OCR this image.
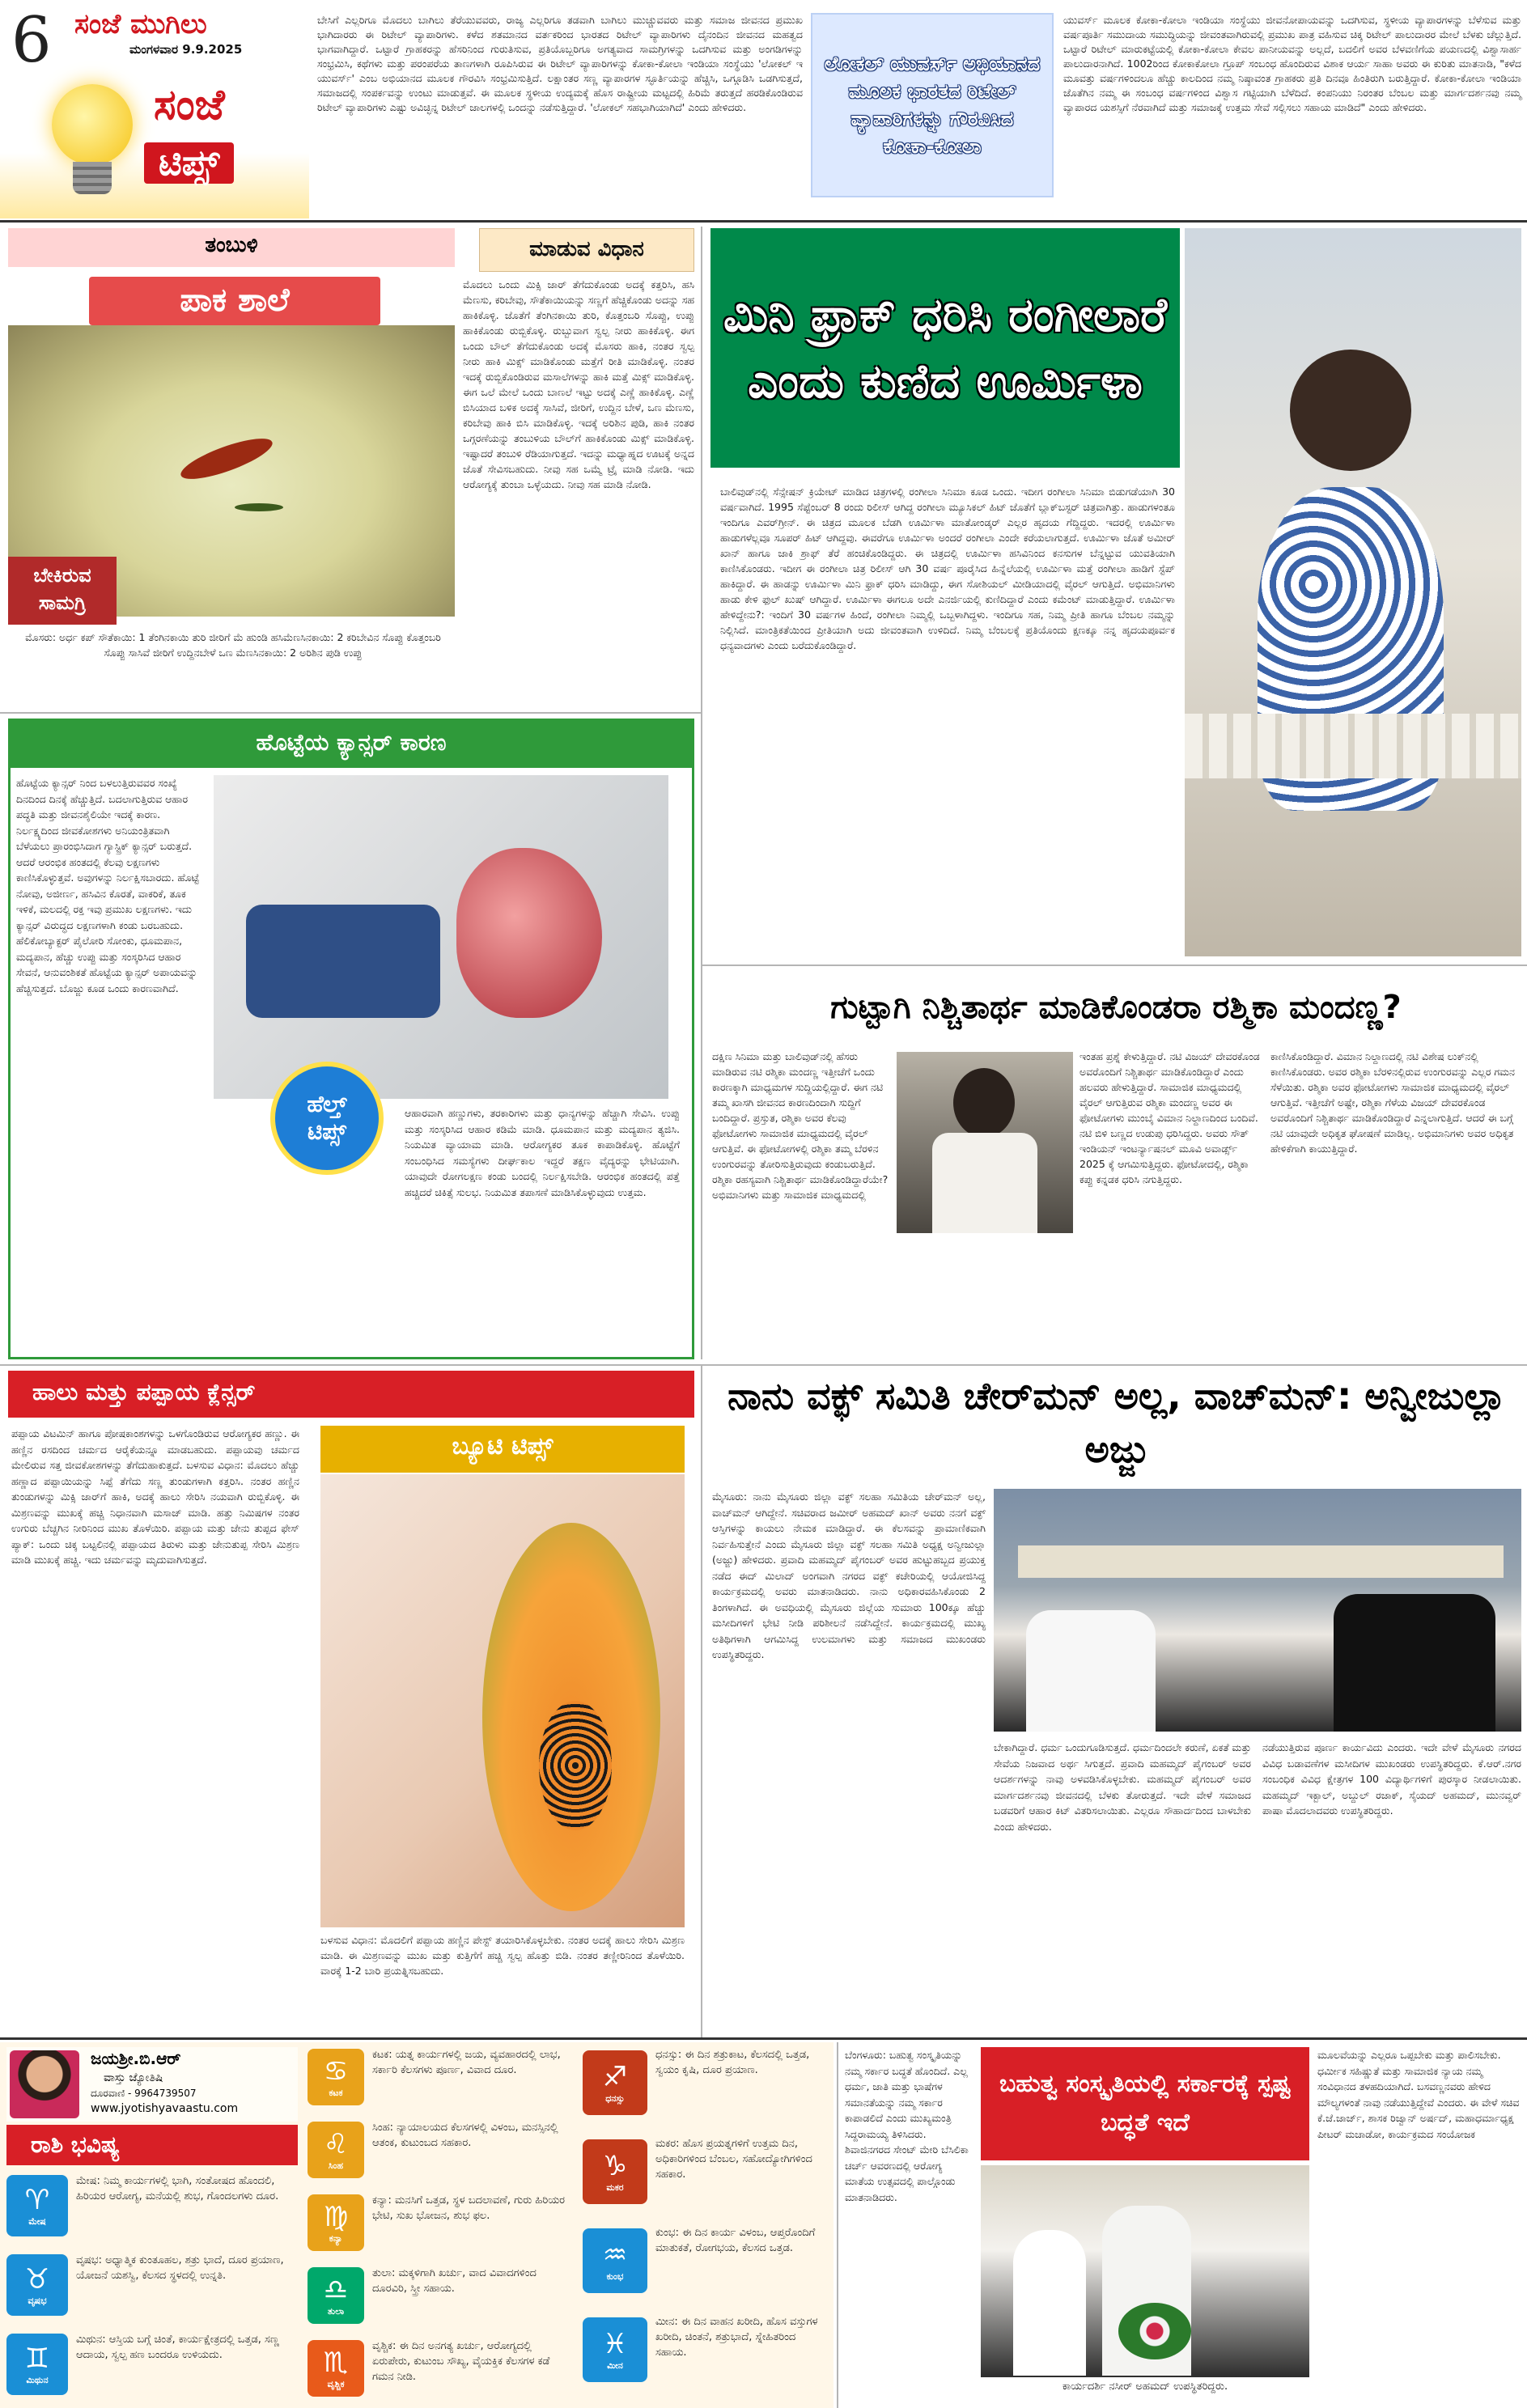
6 ಸಂಜೆ ಮುಗಿಲು
ಮಂಗಳವಾರ 9.9.2025
ಸಂಜೆ
ಟಿಪ್ಸ್
ಬೇಸಿಗೆ ಎಲ್ಲರಿಗೂ ಮೊದಲು ಬಾಗಿಲು ತೆರೆಯುವವರು, ರಾಜ್ಯ ಎಲ್ಲರಿಗೂ ತಡವಾಗಿ ಬಾಗಿಲು ಮುಚ್ಚುವವರು ಮತ್ತು ಸಮಾಜ ಜೀವನದ ಪ್ರಮುಖ ಭಾಗಿದಾರರು ಈ ರಿಟೇಲ್ ವ್ಯಾಪಾರಿಗಳು. ಕಳೆದ ಶತಮಾನದ ವರ್ತಕರಿಂದ ಭಾರತದ ರಿಟೇಲ್ ವ್ಯಾಪಾರಿಗಳು ದೈನಂದಿನ ಜೀವನದ ಮಹತ್ವದ ಭಾಗವಾಗಿದ್ದಾರೆ. ಒಟ್ಟಾರೆ ಗ್ರಾಹಕರನ್ನು ಹೆಸರಿನಿಂದ ಗುರುತಿಸುವ, ಪ್ರತಿಯೊಬ್ಬರಿಗೂ ಅಗತ್ಯವಾದ ಸಾಮಗ್ರಿಗಳನ್ನು ಒದಗಿಸುವ ಮತ್ತು ಅಂಗಡಿಗಳನ್ನು ಸಂಭ್ರಮಿಸಿ, ಕಥೆಗಳು ಮತ್ತು ಪರಂಪರೆಯ ತಾಣಗಳಾಗಿ ರೂಪಿಸಿರುವ ಈ ರಿಟೇಲ್ ವ್ಯಾಪಾರಿಗಳನ್ನು ಕೋಕಾ-ಕೋಲಾ ಇಂಡಿಯಾ ಸಂಸ್ಥೆಯು 'ಲೋಕಲ್ ಇ ಯುವರ್ಸ್' ಎಂಬ ಅಭಿಯಾನದ ಮೂಲಕ ಗೌರವಿಸಿ ಸಂಭ್ರಮಿಸುತ್ತಿದೆ. ಲಕ್ಷಾಂತರ ಸಣ್ಣ ವ್ಯಾಪಾರಗಳ ಸ್ಫೂರ್ತಿಯನ್ನು ಹೆಚ್ಚಿಸಿ, ಒಗ್ಗೂಡಿಸಿ ಒಡಗಿಸುತ್ತದೆ, ಸಮಾಜದಲ್ಲಿ ಸಂಪರ್ಕವನ್ನು ಉಂಟು ಮಾಡುತ್ತವೆ. ಈ ಮೂಲಕ ಸ್ಥಳೀಯ ಉದ್ಯಮಕ್ಕೆ ಹೊಸ ರಾಷ್ಟ್ರೀಯ ಮಟ್ಟದಲ್ಲಿ ಹಿರಿಮೆ ತರುತ್ತದೆ ಹರಡಿಕೊಂಡಿರುವ ರಿಟೇಲ್ ವ್ಯಾಪಾರಿಗಳು ಎಷ್ಟು ಅವಿಚ್ಛಿನ್ನ ರಿಟೇಲ್ ಜಾಲಗಳಲ್ಲಿ ಒಂದನ್ನು ನಡೆಸುತ್ತಿದ್ದಾರೆ. 'ಲೋಕಲ್ ಸಹಭಾಗಿಯಾಗಿದೆ' ಎಂದು ಹೇಳಿದರು.
ಲೋಕಲ್ ಯುವರ್ಸ್ ಅಭಿಯಾನದ ಮೂಲಕ ಭಾರತದ ರಿಟೇಲ್ ವ್ಯಾಪಾರಿಗಳನ್ನು ಗೌರವಿಸಿದ ಕೋಕಾ-ಕೋಲಾ
ಯುವರ್ಸ್ ಮೂಲಕ ಕೋಕಾ-ಕೋಲಾ ಇಂಡಿಯಾ ಸಂಸ್ಥೆಯು ಜೀವನೋಪಾಯವನ್ನು ಒದಗಿಸುವ, ಸ್ಥಳೀಯ ವ್ಯಾಪಾರಗಳನ್ನು ಬೆಳೆಸುವ ಮತ್ತು ವರ್ಷಪೂರ್ತಿ ಸಮುದಾಯ ಸಮುದ್ಧಿಯನ್ನು ಜೀವಂತವಾಗಿರುವಲ್ಲಿ ಪ್ರಮುಖ ಪಾತ್ರ ವಹಿಸುವ ಚಿಕ್ಕ ರಿಟೇಲ್ ಪಾಲುದಾರರ ಮೇಲೆ ಬೆಳಕು ಚೆಲ್ಲುತ್ತಿದೆ. ಒಟ್ಟಾರೆ ರಿಟೇಲ್ ಮಾರುಕಟ್ಟೆಯಲ್ಲಿ ಕೋಕಾ-ಕೋಲಾ ಕೇವಲ ಪಾನೀಯವನ್ನು ಅಲ್ಲದೆ, ಬದಲಿಗೆ ಅವರ ಬೆಳವಣಿಗೆಯ ಪಯಣದಲ್ಲಿ ವಿಶ್ವಾಸಾರ್ಹ ಪಾಲುದಾರನಾಗಿದೆ. 1002ರಿಂದ ಕೋಕಾಕೋಲಾ ಗ್ರೂಪ್ ಸಂಬಂಧ ಹೊಂದಿರುವ ವಿಶಾಕ ಆರ್ಯ ಸಾಹಾ ಅವರು ಈ ಕುರಿತು ಮಾತನಾಡಿ, "ಕಳೆದ ಮೂವತ್ತು ವರ್ಷಗಳಿಂದಲೂ ಹೆಚ್ಚು ಕಾಲದಿಂದ ನಮ್ಮ ನಿಷ್ಠಾವಂತ ಗ್ರಾಹಕರು ಪ್ರತಿ ದಿನವೂ ಹಿಂತಿರುಗಿ ಬರುತ್ತಿದ್ದಾರೆ. ಕೋಕಾ-ಕೋಲಾ ಇಂಡಿಯಾ ಜೊತೆಗಿನ ನಮ್ಮ ಈ ಸಂಬಂಧ ವರ್ಷಗಳಿಂದ ವಿಶ್ವಾಸ ಗಟ್ಟಿಯಾಗಿ ಬೆಳೆದಿದೆ. ಕಂಪನಿಯು ನಿರಂತರ ಬೆಂಬಲ ಮತ್ತು ಮಾರ್ಗದರ್ಶನವು ನಮ್ಮ ವ್ಯಾಪಾರದ ಯಶಸ್ಸಿಗೆ ನೆರವಾಗಿದೆ ಮತ್ತು ಸಮಾಜಕ್ಕೆ ಉತ್ತಮ ಸೇವೆ ಸಲ್ಲಿಸಲು ಸಹಾಯ ಮಾಡಿದೆ" ಎಂದು ಹೇಳಿದರು.
ತಂಬುಳಿ	ಮಾಡುವ ವಿಧಾನ
ಪಾಕ ಶಾಲೆ
ಬೇಕಿರುವ ಸಾಮಗ್ರಿ
ಮೊಸರು: ಅರ್ಧ ಕಪ್ ಸೌತೆಕಾಯಿ: 1 ತೆಂಗಿನಕಾಯಿ ತುರಿ ಜೀರಿಗೆ ಮೆ ಹುಂಡಿ ಹಸಿಮೆಣಸಿನಕಾಯಿ: 2 ಕರಿಬೇವಿನ ಸೊಪ್ಪು ಕೊತ್ತಂಬರಿ ಸೊಪ್ಪು ಸಾಸಿವೆ ಜೀರಿಗೆ ಉದ್ದಿನಬೇಳೆ ಒಣ ಮೆಣಸಿನಕಾಯಿ: 2 ಅರಿಶಿನ ಪುಡಿ ಉಪ್ಪು
ಮೊದಲು ಒಂದು ಮಿಕ್ಸಿ ಜಾರ್ ತೆಗೆದುಕೊಂಡು ಅದಕ್ಕೆ ಕತ್ತರಿಸಿ, ಹಸಿ ಮೆಣಸು, ಕರಿಬೇವು, ಸೌತೆಕಾಯಿಯನ್ನು ಸಣ್ಣಗೆ ಹೆಚ್ಚಿಕೊಂಡು ಅದನ್ನು ಸಹ ಹಾಕಿಕೊಳ್ಳಿ. ಜೊತೆಗೆ ತೆಂಗಿನಕಾಯಿ ತುರಿ, ಕೊತ್ತಂಬರಿ ಸೊಪ್ಪು, ಉಪ್ಪು ಹಾಕಿಕೊಂಡು ರುಬ್ಬಿಕೊಳ್ಳಿ. ರುಬ್ಬುವಾಗ ಸ್ವಲ್ಪ ನೀರು ಹಾಕಿಕೊಳ್ಳಿ. ಈಗ ಒಂದು ಬೌಲ್ ತೆಗೆದುಕೊಂಡು ಅದಕ್ಕೆ ಮೊಸರು ಹಾಕಿ, ನಂತರ ಸ್ವಲ್ಪ ನೀರು ಹಾಕಿ ಮಿಕ್ಸ್ ಮಾಡಿಕೊಂಡು ಮತ್ತೆಗೆ ರೀತಿ ಮಾಡಿಕೊಳ್ಳಿ. ನಂತರ ಇದಕ್ಕೆ ರುಬ್ಬಿಕೊಂಡಿರುವ ಮಸಾಲೆಗಳನ್ನು ಹಾಕಿ ಮತ್ತೆ ಮಿಕ್ಸ್ ಮಾಡಿಕೊಳ್ಳಿ. ಈಗ ಒಲೆ ಮೇಲೆ ಒಂದು ಬಾಣಲೆ ಇಟ್ಟು ಅದಕ್ಕೆ ಎಣ್ಣೆ ಹಾಕಿಕೊಳ್ಳಿ. ಎಣ್ಣೆ ಬಿಸಿಯಾದ ಬಳಿಕ ಅದಕ್ಕೆ ಸಾಸಿವೆ, ಜೀರಿಗೆ, ಉದ್ದಿನ ಬೇಳೆ, ಒಣ ಮೆಣಸು, ಕರಿಬೇವು ಹಾಕಿ ಬಿಸಿ ಮಾಡಿಕೊಳ್ಳಿ. ಇದಕ್ಕೆ ಅರಿಶಿನ ಪುಡಿ, ಹಾಕಿ ನಂತರ ಒಗ್ಗರಣೆಯನ್ನು ತಂಬುಳಿಯ ಬೌಲ್‌ಗೆ ಹಾಕಿಕೊಂಡು ಮಿಕ್ಸ್ ಮಾಡಿಕೊಳ್ಳಿ. ಇಷ್ಟಾದರೆ ತಂಬುಳಿ ರೆಡಿಯಾಗುತ್ತದೆ. ಇದನ್ನು ಮಧ್ಯಾಹ್ನದ ಊಟಕ್ಕೆ ಅನ್ನದ ಜೊತೆ ಸೇವಿಸಬಹುದು. ನೀವು ಸಹ ಒಮ್ಮೆ ಟ್ರೈ ಮಾಡಿ ನೋಡಿ. ಇದು ಆರೋಗ್ಯಕ್ಕೆ ತುಂಬಾ ಒಳ್ಳೆಯದು. ನೀವು ಸಹ ಮಾಡಿ ನೋಡಿ.
ಮಿನಿ ಫ್ರಾಕ್ ಧರಿಸಿ ರಂಗೀಲಾರೆ ಎಂದು ಕುಣಿದ ಊರ್ಮಿಳಾ
ಬಾಲಿವುಡ್‌ನಲ್ಲಿ ಸೆನ್ಸೇಷನ್ ಕ್ರಿಯೇಟ್ ಮಾಡಿದ ಚಿತ್ರಗಳಲ್ಲಿ ರಂಗೀಲಾ ಸಿನಿಮಾ ಕೂಡ ಒಂದು. ಇದೀಗ ರಂಗೀಲಾ ಸಿನಿಮಾ ಬಿಡುಗಡೆಯಾಗಿ 30 ವರ್ಷವಾಗಿದೆ. 1995 ಸೆಪ್ಟೆಂಬರ್ 8 ರಂದು ರಿಲೀಸ್ ಆಗಿದ್ದ ರಂಗೀಲಾ ಮ್ಯೂಸಿಕಲ್ ಹಿಟ್ ಜೊತೆಗೆ ಬ್ಲಾಕ್‌ಬಸ್ಟರ್ ಚಿತ್ರವಾಗಿತ್ತು. ಹಾಡುಗಳಂತೂ ಇಂದಿಗೂ ಎವರ್‌ಗ್ರೀನ್. ಈ ಚಿತ್ರದ ಮೂಲಕ ಬೆಡಗಿ ಊರ್ಮಿಳಾ ಮಾತೋಂಡ್ಕರ್ ಎಲ್ಲರ ಹೃದಯ ಗೆದ್ದಿದ್ದರು. ಇದರಲ್ಲಿ ಊರ್ಮಿಳಾ ಹಾಡುಗಳೆಲ್ಲವೂ ಸೂಪರ್ ಹಿಟ್ ಆಗಿದ್ದವು. ಈವರೆಗೂ ಊರ್ಮಿಳಾ ಅಂದರೆ ರಂಗೀಲಾ ಎಂದೇ ಕರೆಯಲಾಗುತ್ತದೆ. ಊರ್ಮಿಳಾ ಜೊತೆ ಅಮೀರ್ ಖಾನ್ ಹಾಗೂ ಜಾಕಿ ಶ್ರಾಫ್ ತೆರೆ ಹಂಚಿಕೊಂಡಿದ್ದರು. ಈ ಚಿತ್ರದಲ್ಲಿ ಊರ್ಮಿಳಾ ಹಸಿವಿನಿಂದ ಕನಸುಗಳ ಬೆನ್ನಟ್ಟುವ ಯುವತಿಯಾಗಿ ಕಾಣಿಸಿಕೊಂಡರು. ಇದೀಗ ಈ ರಂಗೀಲಾ ಚಿತ್ರ ರಿಲೀಸ್ ಆಗಿ 30 ವರ್ಷ ಪೂರೈಸಿದ ಹಿನ್ನೆಲೆಯಲ್ಲಿ ಊರ್ಮಿಳಾ ಮತ್ತೆ ರಂಗೀಲಾ ಹಾಡಿಗೆ ಸ್ಟೆಪ್ ಹಾಕಿದ್ದಾರೆ. ಈ ಹಾಡನ್ನು ಊರ್ಮಿಳಾ ಮಿನಿ ಫ್ರಾಕ್ ಧರಿಸಿ ಮಾಡಿದ್ದು, ಈಗ ಸೋಶಿಯಲ್ ಮೀಡಿಯಾದಲ್ಲಿ ವೈರಲ್ ಆಗುತ್ತಿದೆ. ಅಭಿಮಾನಿಗಳು ಹಾಡು ಕೇಳಿ ಫುಲ್ ಖುಷ್ ಆಗಿದ್ದಾರೆ. ಊರ್ಮಿಳಾ ಈಗಲೂ ಅದೇ ಎನರ್ಜಿಯಲ್ಲಿ ಕುಣಿದಿದ್ದಾರೆ ಎಂದು ಕಮೆಂಟ್ ಮಾಡುತ್ತಿದ್ದಾರೆ. ಊರ್ಮಿಳಾ ಹೇಳಿದ್ದೇನು?: ಇಂದಿಗೆ 30 ವರ್ಷಗಳ ಹಿಂದೆ, ರಂಗೀಲಾ ನಿಮ್ಮಲ್ಲಿ ಒಬ್ಬಳಾಗಿದ್ದಳು. ಇಂದಿಗೂ ಸಹ, ನಿಮ್ಮ ಪ್ರೀತಿ ಹಾಗೂ ಬೆಂಬಲ ನಮ್ಮನ್ನು ನಿಲ್ಲಿಸಿದೆ. ಮಾಂತ್ರಿಕತೆಯಿಂದ ಪ್ರೀತಿಯಾಗಿ ಅದು ಜೀವಂತವಾಗಿ ಉಳಿದಿದೆ. ನಿಮ್ಮ ಬೆಂಬಲಕ್ಕೆ ಪ್ರತಿಯೊಂದು ಕ್ಷಣಕ್ಕೂ ನನ್ನ ಹೃದಯಪೂರ್ವಕ ಧನ್ಯವಾದಗಳು ಎಂದು ಬರೆದುಕೊಂಡಿದ್ದಾರೆ.
ಹೊಟ್ಟೆಯ ಕ್ಯಾನ್ಸರ್ ಕಾರಣ
ಹೊಟ್ಟೆಯ ಕ್ಯಾನ್ಸರ್ ನಿಂದ ಬಳಲುತ್ತಿರುವವರ ಸಂಖ್ಯೆ ದಿನದಿಂದ ದಿನಕ್ಕೆ ಹೆಚ್ಚುತ್ತಿದೆ. ಬದಲಾಗುತ್ತಿರುವ ಆಹಾರ ಪದ್ಧತಿ ಮತ್ತು ಜೀವನಶೈಲಿಯೇ ಇದಕ್ಕೆ ಕಾರಣ. ನಿರ್ಲಕ್ಷ್ಯದಿಂದ ಜೀವಕೋಶಗಳು ಅನಿಯಂತ್ರಿತವಾಗಿ ಬೆಳೆಯಲು ಪ್ರಾರಂಭಿಸಿದಾಗ ಗ್ಯಾಸ್ಟ್ರಿಕ್ ಕ್ಯಾನ್ಸರ್ ಬರುತ್ತದೆ. ಆದರೆ ಆರಂಭಿಕ ಹಂತದಲ್ಲಿ ಕೆಲವು ಲಕ್ಷಣಗಳು ಕಾಣಿಸಿಕೊಳ್ಳುತ್ತವೆ. ಅವುಗಳನ್ನು ನಿರ್ಲಕ್ಷಿಸಬಾರದು. ಹೊಟ್ಟೆ ನೋವು, ಅಜೀರ್ಣ, ಹಸಿವಿನ ಕೊರತೆ, ವಾಕರಿಕೆ, ತೂಕ ಇಳಿಕೆ, ಮಲದಲ್ಲಿ ರಕ್ತ ಇವು ಪ್ರಮುಖ ಲಕ್ಷಣಗಳು. ಇದು ಕ್ಯಾನ್ಸರ್ ವಿರುದ್ಧದ ಲಕ್ಷಣಗಳಾಗಿ ಕಂಡು ಬರಬಹುದು. ಹೆಲಿಕೋಬ್ಯಾಕ್ಟರ್ ಪೈಲೋರಿ ಸೋಂಕು, ಧೂಮಪಾನ, ಮದ್ಯಪಾನ, ಹೆಚ್ಚು ಉಪ್ಪು ಮತ್ತು ಸಂಸ್ಕರಿಸಿದ ಆಹಾರ ಸೇವನೆ, ಆನುವಂಶಿಕತೆ ಹೊಟ್ಟೆಯ ಕ್ಯಾನ್ಸರ್ ಅಪಾಯವನ್ನು ಹೆಚ್ಚಿಸುತ್ತದೆ. ಬೊಜ್ಜು ಕೂಡ ಒಂದು ಕಾರಣವಾಗಿದೆ.
ಹೆಲ್ತ್
ಟಿಪ್ಸ್
ಆಹಾರವಾಗಿ ಹಣ್ಣುಗಳು, ತರಕಾರಿಗಳು ಮತ್ತು ಧಾನ್ಯಗಳನ್ನು ಹೆಚ್ಚಾಗಿ ಸೇವಿಸಿ. ಉಪ್ಪು ಮತ್ತು ಸಂಸ್ಕರಿಸಿದ ಆಹಾರ ಕಡಿಮೆ ಮಾಡಿ. ಧೂಮಪಾನ ಮತ್ತು ಮದ್ಯಪಾನ ತ್ಯಜಿಸಿ. ನಿಯಮಿತ ವ್ಯಾಯಾಮ ಮಾಡಿ. ಆರೋಗ್ಯಕರ ತೂಕ ಕಾಪಾಡಿಕೊಳ್ಳಿ. ಹೊಟ್ಟೆಗೆ ಸಂಬಂಧಿಸಿದ ಸಮಸ್ಯೆಗಳು ದೀರ್ಘಕಾಲ ಇದ್ದರೆ ತಕ್ಷಣ ವೈದ್ಯರನ್ನು ಭೇಟಿಯಾಗಿ. ಯಾವುದೇ ರೋಗಲಕ್ಷಣ ಕಂಡು ಬಂದಲ್ಲಿ ನಿರ್ಲಕ್ಷಿಸಬೇಡಿ. ಆರಂಭಿಕ ಹಂತದಲ್ಲಿ ಪತ್ತೆ ಹಚ್ಚಿದರೆ ಚಿಕಿತ್ಸೆ ಸುಲಭ. ನಿಯಮಿತ ತಪಾಸಣೆ ಮಾಡಿಸಿಕೊಳ್ಳುವುದು ಉತ್ತಮ.
ಗುಟ್ಟಾಗಿ ನಿಶ್ಚಿತಾರ್ಥ ಮಾಡಿಕೊಂಡರಾ ರಶ್ಮಿಕಾ ಮಂದಣ್ಣ?
ದಕ್ಷಿಣ ಸಿನಿಮಾ ಮತ್ತು ಬಾಲಿವುಡ್‌ನಲ್ಲಿ ಹೆಸರು ಮಾಡಿರುವ ನಟಿ ರಶ್ಮಿಕಾ ಮಂದಣ್ಣ ಇತ್ತೀಚೆಗೆ ಒಂದು ಕಾರಣಕ್ಕಾಗಿ ಮಾಧ್ಯಮಗಳ ಸುದ್ದಿಯಲ್ಲಿದ್ದಾರೆ. ಈಗ ನಟಿ ತಮ್ಮ ಖಾಸಗಿ ಜೀವನದ ಕಾರಣದಿಂದಾಗಿ ಸುದ್ದಿಗೆ ಬಂದಿದ್ದಾರೆ. ಪ್ರಸ್ತುತ, ರಶ್ಮಿಕಾ ಅವರ ಕೆಲವು ಫೋಟೋಗಳು ಸಾಮಾಜಿಕ ಮಾಧ್ಯಮದಲ್ಲಿ ವೈರಲ್ ಆಗುತ್ತಿವೆ. ಈ ಫೋಟೋಗಳಲ್ಲಿ ರಶ್ಮಿಕಾ ತಮ್ಮ ಬೆರಳಿನ ಉಂಗುರವನ್ನು ತೋರಿಸುತ್ತಿರುವುದು ಕಂಡುಬರುತ್ತಿದೆ. ರಶ್ಮಿಕಾ ರಹಸ್ಯವಾಗಿ ನಿಶ್ಚಿತಾರ್ಥ ಮಾಡಿಕೊಂಡಿದ್ದಾರೆಯೇ? ಅಭಿಮಾನಿಗಳು ಮತ್ತು ಸಾಮಾಜಿಕ ಮಾಧ್ಯಮದಲ್ಲಿ
ಇಂತಹ ಪ್ರಶ್ನೆ ಕೇಳುತ್ತಿದ್ದಾರೆ. ನಟಿ ವಿಜಯ್ ದೇವರಕೊಂಡ ಅವರೊಂದಿಗೆ ನಿಶ್ಚಿತಾರ್ಥ ಮಾಡಿಕೊಂಡಿದ್ದಾರೆ ಎಂದು ಹಲವರು ಹೇಳುತ್ತಿದ್ದಾರೆ. ಸಾಮಾಜಿಕ ಮಾಧ್ಯಮದಲ್ಲಿ ವೈರಲ್ ಆಗುತ್ತಿರುವ ರಶ್ಮಿಕಾ ಮಂದಣ್ಣ ಅವರ ಈ ಫೋಟೋಗಳು ಮುಂಬೈ ವಿಮಾನ ನಿಲ್ದಾಣದಿಂದ ಬಂದಿವೆ. ನಟಿ ಬಿಳಿ ಬಣ್ಣದ ಉಡುಪು ಧರಿಸಿದ್ದರು. ಅವರು ಸೌತ್ ಇಂಡಿಯನ್ ಇಂಟರ್ನ್ಯಾಷನಲ್ ಮೂವಿ ಅವಾರ್ಡ್ಸ್ 2025 ಕ್ಕೆ ಆಗಮಿಸುತ್ತಿದ್ದರು. ಫೋಟೋದಲ್ಲಿ, ರಶ್ಮಿಕಾ ಕಪ್ಪು ಕನ್ನಡಕ ಧರಿಸಿ ನಗುತ್ತಿದ್ದರು.
ಕಾಣಿಸಿಕೊಂಡಿದ್ದಾರೆ. ವಿಮಾನ ನಿಲ್ದಾಣದಲ್ಲಿ ನಟಿ ವಿಶೇಷ ಲುಕ್‌ನಲ್ಲಿ ಕಾಣಿಸಿಕೊಂಡರು. ಅವರ ರಶ್ಮಿಕಾ ಬೆರಳಿನಲ್ಲಿರುವ ಉಂಗುರವನ್ನು ಎಲ್ಲರ ಗಮನ ಸೆಳೆಯಿತು. ರಶ್ಮಿಕಾ ಅವರ ಫೋಟೋಗಳು ಸಾಮಾಜಿಕ ಮಾಧ್ಯಮದಲ್ಲಿ ವೈರಲ್ ಆಗುತ್ತಿವೆ. ಇತ್ತೀಚೆಗೆ ಅಷ್ಟೇ, ರಶ್ಮಿಕಾ ಗೆಳೆಯ ವಿಜಯ್ ದೇವರಕೊಂಡ ಅವರೊಂದಿಗೆ ನಿಶ್ಚಿತಾರ್ಥ ಮಾಡಿಕೊಂಡಿದ್ದಾರೆ ಎನ್ನಲಾಗುತ್ತಿದೆ. ಆದರೆ ಈ ಬಗ್ಗೆ ನಟಿ ಯಾವುದೇ ಅಧಿಕೃತ ಘೋಷಣೆ ಮಾಡಿಲ್ಲ. ಅಭಿಮಾನಿಗಳು ಅವರ ಅಧಿಕೃತ ಹೇಳಿಕೆಗಾಗಿ ಕಾಯುತ್ತಿದ್ದಾರೆ.
ಹಾಲು ಮತ್ತು ಪಪ್ಪಾಯ ಕ್ಲೆನ್ಸರ್
ಪಪ್ಪಾಯ ವಿಟಮಿನ್ ಹಾಗೂ ಪೋಷಕಾಂಶಗಳನ್ನು ಒಳಗೊಂಡಿರುವ ಆರೋಗ್ಯಕರ ಹಣ್ಣು. ಈ ಹಣ್ಣಿನ ರಸದಿಂದ ಚರ್ಮದ ಆರೈಕೆಯನ್ನೂ ಮಾಡಬಹುದು. ಪಪ್ಪಾಯವು ಚರ್ಮದ ಮೇಲಿರುವ ಸತ್ತ ಜೀವಕೋಶಗಳನ್ನು ತೆಗೆದುಹಾಕುತ್ತದೆ. ಬಳಸುವ ವಿಧಾನ: ಮೊದಲು ಹೆಚ್ಚು ಹಣ್ಣಾದ ಪಪ್ಪಾಯಿಯನ್ನು ಸಿಪ್ಪೆ ತೆಗೆದು ಸಣ್ಣ ತುಂಡುಗಳಾಗಿ ಕತ್ತರಿಸಿ. ನಂತರ ಹಣ್ಣಿನ ತುಂಡುಗಳನ್ನು ಮಿಕ್ಸಿ ಜಾರ್‌ಗೆ ಹಾಕಿ, ಅದಕ್ಕೆ ಹಾಲು ಸೇರಿಸಿ ನಯವಾಗಿ ರುಬ್ಬಿಕೊಳ್ಳಿ. ಈ ಮಿಶ್ರಣವನ್ನು ಮುಖಕ್ಕೆ ಹಚ್ಚಿ ನಿಧಾನವಾಗಿ ಮಸಾಜ್ ಮಾಡಿ. ಹತ್ತು ನಿಮಿಷಗಳ ನಂತರ ಉಗುರು ಬೆಚ್ಚಗಿನ ನೀರಿನಿಂದ ಮುಖ ತೊಳೆಯಿರಿ. ಪಪ್ಪಾಯ ಮತ್ತು ಜೇನು ತುಪ್ಪದ ಫೇಸ್ ಪ್ಯಾಕ್: ಒಂದು ಚಿಕ್ಕ ಬಟ್ಟಲಿನಲ್ಲಿ ಪಪ್ಪಾಯದ ತಿರುಳು ಮತ್ತು ಜೇನುತುಪ್ಪ ಸೇರಿಸಿ ಮಿಶ್ರಣ ಮಾಡಿ ಮುಖಕ್ಕೆ ಹಚ್ಚಿ. ಇದು ಚರ್ಮವನ್ನು ಮೃದುವಾಗಿಸುತ್ತದೆ.
ಬ್ಯೂಟಿ ಟಿಪ್ಸ್
ಬಳಸುವ ವಿಧಾನ: ಮೊದಲಿಗೆ ಪಪ್ಪಾಯ ಹಣ್ಣಿನ ಪೇಸ್ಟ್ ತಯಾರಿಸಿಕೊಳ್ಳಬೇಕು. ನಂತರ ಅದಕ್ಕೆ ಹಾಲು ಸೇರಿಸಿ ಮಿಶ್ರಣ ಮಾಡಿ. ಈ ಮಿಶ್ರಣವನ್ನು ಮುಖ ಮತ್ತು ಕುತ್ತಿಗೆಗೆ ಹಚ್ಚಿ ಸ್ವಲ್ಪ ಹೊತ್ತು ಬಿಡಿ. ನಂತರ ತಣ್ಣೀರಿನಿಂದ ತೊಳೆಯಿರಿ. ವಾರಕ್ಕೆ 1-2 ಬಾರಿ ಪ್ರಯತ್ನಿಸಬಹುದು.
ನಾನು ವಕ್ಫ್ ಸಮಿತಿ ಚೇರ್‌ಮನ್ ಅಲ್ಲ, ವಾಚ್‌ಮನ್: ಅನ್ವೀಜುಲ್ಲಾ ಅಜ್ಜು
ಮೈಸೂರು: ನಾನು ಮೈಸೂರು ಜಿಲ್ಲಾ ವಕ್ಫ್ ಸಲಹಾ ಸಮಿತಿಯ ಚೇರ್‌ಮನ್ ಅಲ್ಲ, ವಾಚ್‌ಮನ್ ಆಗಿದ್ದೇನೆ. ಸಚಿವರಾದ ಜಮೀರ್ ಅಹಮದ್ ಖಾನ್ ಅವರು ನನಗೆ ವಕ್ಫ್ ಆಸ್ತಿಗಳನ್ನು ಕಾಯಲು ನೇಮಕ ಮಾಡಿದ್ದಾರೆ. ಈ ಕೆಲಸವನ್ನು ಪ್ರಾಮಾಣಿಕವಾಗಿ ನಿರ್ವಹಿಸುತ್ತೇನೆ ಎಂದು ಮೈಸೂರು ಜಿಲ್ಲಾ ವಕ್ಫ್ ಸಲಹಾ ಸಮಿತಿ ಅಧ್ಯಕ್ಷ ಅನ್ವೀಜುಲ್ಲಾ (ಅಜ್ಜು) ಹೇಳಿದರು. ಪ್ರವಾದಿ ಮಹಮ್ಮದ್ ಪೈಗಂಬರ್ ಅವರ ಹುಟ್ಟುಹಬ್ಬದ ಪ್ರಯುಕ್ತ ನಡೆದ ಈದ್ ಮಿಲಾದ್ ಅಂಗವಾಗಿ ನಗರದ ವಕ್ಫ್ ಕಚೇರಿಯಲ್ಲಿ ಆಯೋಜಿಸಿದ್ದ ಕಾರ್ಯಕ್ರಮದಲ್ಲಿ ಅವರು ಮಾತನಾಡಿದರು. ನಾನು ಅಧಿಕಾರವಹಿಸಿಕೊಂಡು 2 ತಿಂಗಳಾಗಿದೆ. ಈ ಅವಧಿಯಲ್ಲಿ ಮೈಸೂರು ಜಿಲ್ಲೆಯ ಸುಮಾರು 100ಕ್ಕೂ ಹೆಚ್ಚು ಮಸೀದಿಗಳಿಗೆ ಭೇಟಿ ನೀಡಿ ಪರಿಶೀಲನೆ ನಡೆಸಿದ್ದೇನೆ. ಕಾರ್ಯಕ್ರಮದಲ್ಲಿ ಮುಖ್ಯ ಅತಿಥಿಗಳಾಗಿ ಆಗಮಿಸಿದ್ದ ಉಲಮಾಗಳು ಮತ್ತು ಸಮಾಜದ ಮುಖಂಡರು ಉಪಸ್ಥಿತರಿದ್ದರು.
ಬೇಕಾಗಿದ್ದಾರೆ. ಧರ್ಮ ಒಂದುಗೂಡಿಸುತ್ತದೆ. ಧರ್ಮದಿಂದಲೇ ಕರುಣೆ, ಏಕತೆ ಮತ್ತು ಸೇವೆಯ ನಿಜವಾದ ಅರ್ಥ ಸಿಗುತ್ತದೆ. ಪ್ರವಾದಿ ಮಹಮ್ಮದ್ ಪೈಗಂಬರ್ ಅವರ ಆದರ್ಶಗಳನ್ನು ನಾವು ಅಳವಡಿಸಿಕೊಳ್ಳಬೇಕು. ಮಹಮ್ಮದ್ ಪೈಗಂಬರ್ ಅವರ ಮಾರ್ಗದರ್ಶನವು ಜೀವನದಲ್ಲಿ ಬೆಳಕು ತೋರುತ್ತದೆ. ಇದೇ ವೇಳೆ ಸಮಾಜದ ಬಡವರಿಗೆ ಆಹಾರ ಕಿಟ್ ವಿತರಿಸಲಾಯಿತು. ಎಲ್ಲರೂ ಸೌಹಾರ್ದದಿಂದ ಬಾಳಬೇಕು ಎಂದು ಹೇಳಿದರು.
ನಡೆಯುತ್ತಿರುವ ಪೂರ್ಣ ಕಾರ್ಯವಿದು ಎಂದರು. ಇದೇ ವೇಳೆ ಮೈಸೂರು ನಗರದ ವಿವಿಧ ಬಡಾವಣೆಗಳ ಮಸೀದಿಗಳ ಮುಖಂಡರು ಉಪಸ್ಥಿತರಿದ್ದರು. ಕೆ.ಆರ್.ನಗರ ಸಂಬಂಧಿಕ ವಿವಿಧ ಕ್ಷೇತ್ರಗಳ 100 ವಿದ್ಯಾರ್ಥಿಗಳಿಗೆ ಪುರಸ್ಕಾರ ನೀಡಲಾಯಿತು. ಮಹಮ್ಮದ್ ಇಕ್ಬಾಲ್, ಅಬ್ದುಲ್ ರಜಾಕ್, ಸೈಯದ್ ಅಹಮದ್, ಮುನವ್ವರ್ ಪಾಷಾ ಮೊದಲಾದವರು ಉಪಸ್ಥಿತರಿದ್ದರು.
ಜಯಶ್ರೀ.ಬಿ.ಆರ್
ವಾಸ್ತು ಜ್ಯೋತಿಷಿ
ದೂರವಾಣಿ - 9964739507
www.jyotishyavaastu.com
ರಾಶಿ ಭವಿಷ್ಯ
♈
ಮೇಷ
ಮೇಷ: ನಿಮ್ಮ ಕಾರ್ಯಗಳಲ್ಲಿ ಭಾಗಿ, ಸಂತೋಷದ ಹೊಂದಲಿ, ಹಿರಿಯರ ಆರೋಗ್ಯ, ಮನೆಯಲ್ಲಿ ಶುಭ, ಗೊಂದಲಗಳು ದೂರ.
♉
ವೃಷಭ
ವೃಷಭ: ಅಧ್ಯಾತ್ಮಿಕ ಕುಂತೂಹಲ, ಶತ್ರು ಭಾದೆ, ದೂರ ಪ್ರಯಾಣ, ಯೋಜನೆ ಯಶಸ್ವಿ, ಕೆಲಸದ ಸ್ಥಳದಲ್ಲಿ ಉನ್ನತಿ.
♊
ಮಿಥುನ
ಮಿಥುನ: ಆಸ್ತಿಯ ಬಗ್ಗೆ ಚಿಂತೆ, ಕಾರ್ಯಕ್ಷೇತ್ರದಲ್ಲಿ ಒತ್ತಡ, ಸಣ್ಣ ಆದಾಯ, ಸ್ವಲ್ಪ ಹಣ ಬಂದರೂ ಉಳಿಯದು.
♋
ಕಟಕ
ಕಟಕ: ಯತ್ನ ಕಾರ್ಯಗಳಲ್ಲಿ ಜಯ, ವ್ಯವಹಾರದಲ್ಲಿ ಲಾಭ, ಸರ್ಕಾರಿ ಕೆಲಸಗಳು ಪೂರ್ಣ, ವಿವಾದ ದೂರ.
♌
ಸಿಂಹ
ಸಿಂಹ: ನ್ಯಾಯಾಲಯದ ಕೆಲಸಗಳಲ್ಲಿ ವಿಳಂಬ, ಮನಸ್ಸಿನಲ್ಲಿ ಆತಂಕ, ಕುಟುಂಬದ ಸಹಕಾರ.
♍
ಕನ್ಯಾ
ಕನ್ಯಾ: ಮನಸಿಗೆ ಒತ್ತಡ, ಸ್ಥಳ ಬದಲಾವಣೆ, ಗುರು ಹಿರಿಯರ ಭೇಟಿ, ಸುಖ ಭೋಜನ, ಶುಭ ಫಲ.
♎
ತುಲಾ
ತುಲಾ: ಮಕ್ಕಳಿಗಾಗಿ ಖರ್ಚು, ವಾದ ವಿವಾದಗಳಿಂದ ದೂರವಿರಿ, ಸ್ತ್ರೀ ಸಹಾಯ.
♏
ವೃಶ್ಚಿಕ
ವೃಶ್ಚಿಕ: ಈ ದಿನ ಅನಗತ್ಯ ಖರ್ಚು, ಆರೋಗ್ಯದಲ್ಲಿ ಏರುಪೇರು, ಕುಟುಂಬ ಸೌಖ್ಯ, ವೈಯಕ್ತಿಕ ಕೆಲಸಗಳ ಕಡೆ ಗಮನ ನೀಡಿ.
♐
ಧನಸ್ಸು
ಧನಸ್ಸು: ಈ ದಿನ ಶತ್ರುಕಾಟ, ಕೆಲಸದಲ್ಲಿ ಒತ್ತಡ, ಸ್ವಯಂ ಕೃಷಿ, ದೂರ ಪ್ರಯಾಣ.
♑
ಮಕರ
ಮಕರ: ಹೊಸ ಪ್ರಯತ್ನಗಳಿಗೆ ಉತ್ತಮ ದಿನ, ಅಧಿಕಾರಿಗಳಿಂದ ಬೆಂಬಲ, ಸಹೋದ್ಯೋಗಿಗಳಿಂದ ಸಹಕಾರ.
♒
ಕುಂಭ
ಕುಂಭ: ಈ ದಿನ ಕಾರ್ಯ ವಿಳಂಬ, ಆಪ್ತರೊಂದಿಗೆ ಮಾತುಕತೆ, ರೋಗಭಯ, ಕೆಲಸದ ಒತ್ತಡ.
♓
ಮೀನ
ಮೀನ: ಈ ದಿನ ವಾಹನ ಖರೀದಿ, ಹೊಸ ವಸ್ತುಗಳ ಖರೀದಿ, ಚಿಂತನೆ, ಶತ್ರುಭಾದೆ, ಸ್ನೇಹಿತರಿಂದ ಸಹಾಯ.
ಬೆಂಗಳೂರು: ಬಹುತ್ವ ಸಂಸ್ಕೃತಿಯನ್ನು ನಮ್ಮ ಸರ್ಕಾರ ಬದ್ಧತೆ ಹೊಂದಿದೆ. ಎಲ್ಲ ಧರ್ಮ, ಜಾತಿ ಮತ್ತು ಭಾಷೆಗಳ ಸಮಾನತೆಯನ್ನು ನಮ್ಮ ಸರ್ಕಾರ ಕಾಪಾಡಲಿದೆ ಎಂದು ಮುಖ್ಯಮಂತ್ರಿ ಸಿದ್ದರಾಮಯ್ಯ ತಿಳಿಸಿದರು. ಶಿವಾಜಿನಗರದ ಸೇಂಟ್ ಮೇರಿ ಬೆಸಿಲಿಕಾ ಚರ್ಚ್ ಆವರಣದಲ್ಲಿ ಆರೋಗ್ಯ ಮಾತೆಯ ಉತ್ಸವದಲ್ಲಿ ಪಾಲ್ಗೊಂಡು ಮಾತನಾಡಿದರು.
ಬಹುತ್ವ ಸಂಸ್ಕೃತಿಯಲ್ಲಿ ಸರ್ಕಾರಕ್ಕೆ ಸ್ಪಷ್ಟ ಬದ್ಧತೆ ಇದೆ
ಕಾರ್ಯದರ್ಶಿ ನಸೀರ್ ಅಹಮದ್ ಉಪಸ್ಥಿತರಿದ್ದರು.
ಮೂಲವೆಯನ್ನು ಎಲ್ಲರೂ ಒಪ್ಪಬೇಕು ಮತ್ತು ಪಾಲಿಸಬೇಕು. ಧರ್ಮೀಕ ಸಹಿಷ್ಣುತೆ ಮತ್ತು ಸಾಮಾಜಿಕ ನ್ಯಾಯ ನಮ್ಮ ಸಂವಿಧಾನದ ತಳಹದಿಯಾಗಿದೆ. ಬಸವಣ್ಣನವರು ಹೇಳಿದ ಮೌಲ್ಯಗಳಂತೆ ನಾವು ನಡೆಯುತ್ತಿದ್ದೇವೆ ಎಂದರು. ಈ ವೇಳೆ ಸಚಿವ ಕೆ.ಜೆ.ಜಾರ್ಜ್, ಶಾಸಕ ರಿಜ್ವಾನ್ ಅರ್ಷದ್, ಮಹಾಧರ್ಮಾಧ್ಯಕ್ಷ ಪೀಟರ್ ಮಚಾಡೋ, ಕಾರ್ಯಕ್ರಮದ ಸಂಯೋಜಕ
